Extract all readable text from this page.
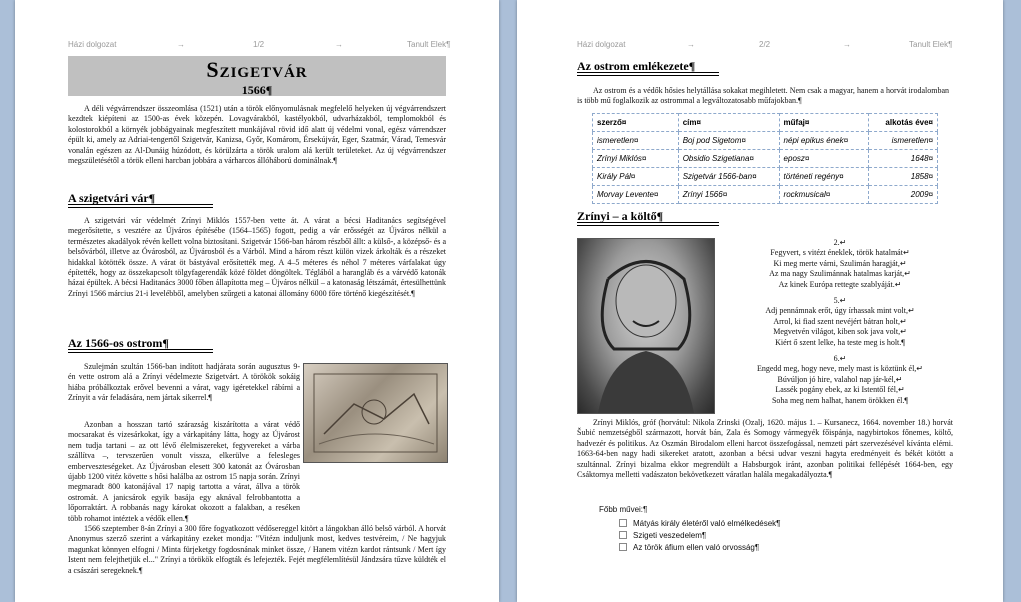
Házi dolgozat	→	1/2	→	Tanult Elek¶
Szigetvár
1566¶

A déli végvárrendszer összeomlása (1521) után a török előnyomulásnak megfelelő helyeken új végvárrendszert kezdtek kiépíteni az 1500-as évek közepén. Lovagvárakból, kastélyokból, udvarházakból, templomokból és kolostorokból a környék jobbágyainak megfeszített munkájával rövid idő alatt új védelmi vonal, egész várrendszer épült ki, amely az Adriai-tengertől Szigetvár, Kanizsa, Győr, Komárom, Érsekújvár, Eger, Szatmár, Várad, Temesvár vonalán egészen az Al-Dunáig húzódott, és körülzárta a török uralom alá került területeket. Az új végvárrendszer megszületésétől a török elleni harcban jobbára a várharcos állóháború dominálnak.¶

A szigetvári vár¶

A szigetvári vár védelmét Zrínyi Miklós 1557-ben vette át. A várat a bécsi Haditanács segítségével megerősítette, s vesztére az Újváros építésébe (1564–1565) fogott, pedig a vár erősségét az Újváros nélkül a természetes akadályok révén kellett volna biztosítani. Szigetvár 1566-ban három részből állt: a külső-, a középső- és a belsővárból, illetve az Óvárosból, az Újvárosból és a Várból. Mind a három részt külön vizek árkolták és a részeket hidakkal kötötték össze. A várat öt bástyával erősítették meg. A 4–5 méteres és néhol 7 méteres várfalakat úgy építették, hogy az összekapcsolt tölgyfagerendák közé földet döngöltek. Téglából a harangláb és a várvédő katonák házai épültek. A bécsi Haditanács 3000 főben állapította meg – Újváros nélkül – a katonaság létszámát, értesülhettünk Zrínyi 1566 március 21-i levelébből, amelyben szűrgeti a katonai állomány 6000 főre történő kiegészítését.¶

Az 1566-os ostrom¶

Szulejmán szultán 1566-ban indított hadjárata során augusztus 9-én vette ostrom alá a Zrínyi védelmezte Szigetvárt. A törökök sokáig hiába próbálkoztak erővel bevenni a várat, vagy igéretekkel rábírni a Zrínyit a vár feladására, nem jártak sikerrel.¶

Azonban a hosszan tartó szárazság kiszárította a várat védő mocsarakat és vizesárkokat, így a várkapitány látta, hogy az Újvárost nem tudja tartani – az ott lévő élelmiszereket, fegyvereket a várba szállítva –, tervszerűen vonult vissza, elkerülve a felesleges emberveszteségeket. Az Újvárosban elesett 300 katonát az Óvárosban újabb 1200 vitéz követte s hősi halálba az ostrom 15 napja során. Zrínyi megmaradt 800 katonájával 17 napig tartotta a várat, állva a török ostromát. A janicsárok egyik basája egy aknával felrobbantotta a lőporraktárt. A robbanás nagy károkat okozott a falakban, a reséken több rohamot intéztek a védők ellen.¶

1566 szeptember 8-án Zrínyi a 300 főre fogyatkozott védősereggel kitört a lángokban álló belső várból. A horvát Anonymus szerző szerint a várkapitány ezeket mondja: "Vitézn induljunk most, kedves testvéreim, / Ne hagyjuk magunkat könnyen elfogni / Minta fürjeketgy fogdosnának minket össze, / Hanem vitézn kardot rántsunk / Mert így Istent nem felejthetjük el..." Zrínyi a törökök elfogták és lefejezték. Fejét megfélemlítésül Jándzsára tűzve küldték el a császári seregeknek.¶

Házi dolgozat	→	2/2	→	Tanult Elek¶
Az ostrom emlékezete¶

Az ostrom és a védők hősies helytállása sokakat megihletett. Nem csak a magyar, hanem a horvát irodalomban is több mű foglalkozik az ostrommal a legváltozatosabb műfajokban.¶

szerző¤	cím¤	műfaj¤	alkotás éve¤
ismeretlen¤	Boj pod Sigetom¤	népi epikus ének¤	ismeretlen¤
Zrínyi Miklós¤	Obsidio Szigetiana¤	eposz¤	1648¤
Király Pál¤	Szigetvár 1566-ban¤	történeti regény¤	1858¤
Morvay Levente¤	Zrínyi 1566¤	rockmusical¤	2009¤
Zrínyi – a költő¶
2.↵
Fegyvert, s vitézt éneklek, török hatalmát↵
Ki meg merte várni, Szulimán haragját,↵
Az ma nagy Szulimánnak hatalmas karját,↵
Az kinek Európa rettegte szablyáját.↵
5.↵
Adj pennámnak erőt, úgy írhassak mint volt,↵
Arrol, ki fiad szent nevéjért bátran holt,↵
Megvetvén világot, kiben sok java volt,↵
Kiért ő szent lelke, ha teste meg is holt.¶
6.↵
Engedd meg, hogy neve, mely mast is köztünk él,↵
Búvúljon jó hire, valahol nap jár-kél,↵
Lassék pogány ebek, az ki Istentől fél,↵
Soha meg nem halhat, hanem örökken él.¶

Zrínyi Miklós, gróf (horvátul: Nikola Zrinski (Ozalj, 1620. május 1. – Kursanecz, 1664. november 18.) horvát Šubić nemzetségből származott, horvát bán, Zala és Somogy vármegyék főispánja, nagybirtokos főnemes, költő, hadvezér és politikus. Az Oszmán Birodalom elleni harcot összefogással, nemzeti párt szervezésével kívánta elérni. 1663-64-ben nagy hadi sikereket aratott, azonban a bécsi udvar veszni hagyta eredményeit és békét kötött a szultánnal. Zrínyi bizalma ekkor megrendült a Habsburgok iránt, azonban politikai fellépését 1664-ben, egy Csáktornya melletti vadászaton bekövetkezett váratlan halála megakadályozta.¶

Főbb művei:¶
Mátyás király életéről való elmélkedések¶
Szigeti veszedelem¶
Az török áfium ellen való orvosság¶
